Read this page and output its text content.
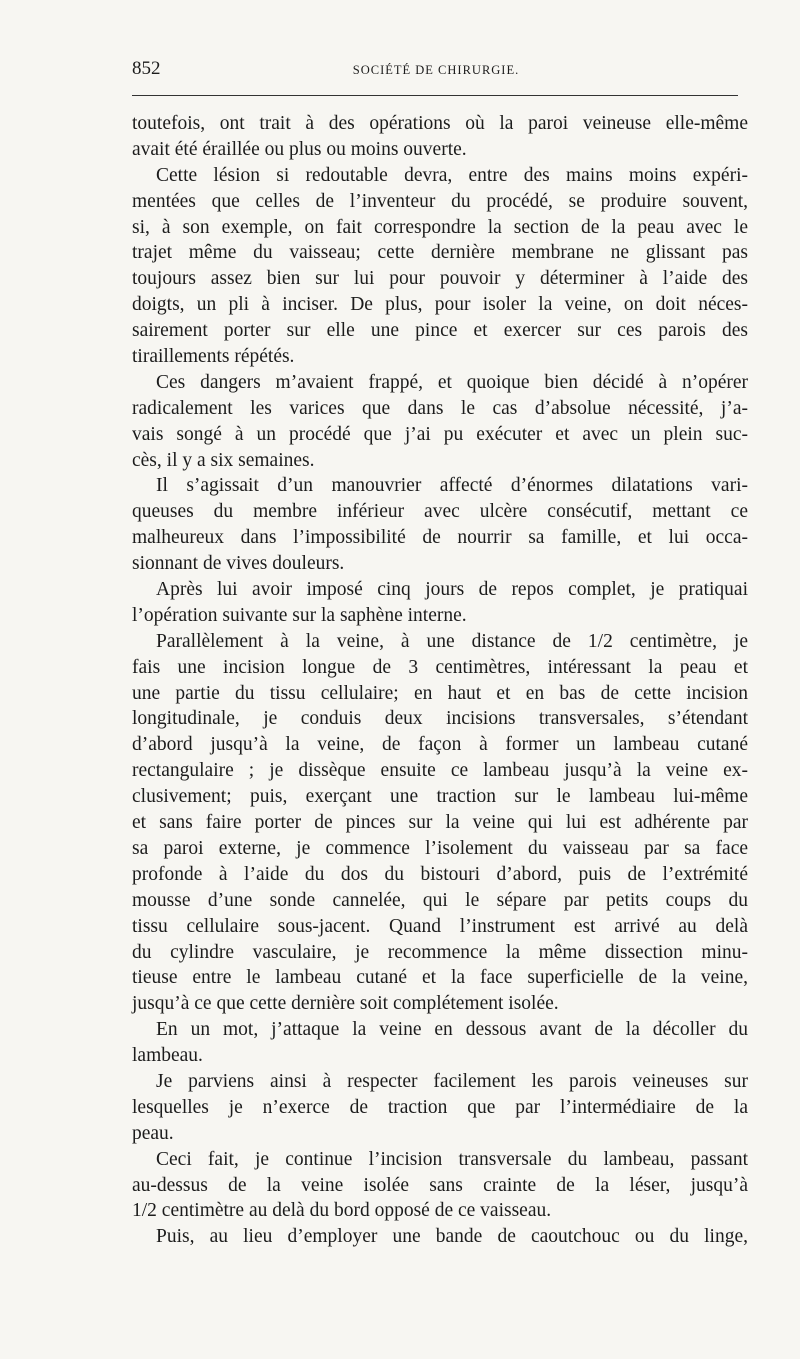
852	SOCIÉTÉ DE CHIRURGIE.
toutefois, ont trait à des opérations où la paroi veineuse elle-même
avait été éraillée ou plus ou moins ouverte.
Cette lésion si redoutable devra, entre des mains moins expéri-
mentées que celles de l’inventeur du procédé, se produire souvent,
si, à son exemple, on fait correspondre la section de la peau avec le
trajet même du vaisseau; cette dernière membrane ne glissant pas
toujours assez bien sur lui pour pouvoir y déterminer à l’aide des
doigts, un pli à inciser. De plus, pour isoler la veine, on doit néces-
sairement porter sur elle une pince et exercer sur ces parois des
tiraillements répétés.
Ces dangers m’avaient frappé, et quoique bien décidé à n’opérer
radicalement les varices que dans le cas d’absolue nécessité, j’a-
vais songé à un procédé que j’ai pu exécuter et avec un plein suc-
cès, il y a six semaines.
Il s’agissait d’un manouvrier affecté d’énormes dilatations vari-
queuses du membre inférieur avec ulcère consécutif, mettant ce
malheureux dans l’impossibilité de nourrir sa famille, et lui occa-
sionnant de vives douleurs.
Après lui avoir imposé cinq jours de repos complet, je pratiquai
l’opération suivante sur la saphène interne.
Parallèlement à la veine, à une distance de 1/2 centimètre, je
fais une incision longue de 3 centimètres, intéressant la peau et
une partie du tissu cellulaire; en haut et en bas de cette incision
longitudinale, je conduis deux incisions transversales, s’étendant
d’abord jusqu’à la veine, de façon à former un lambeau cutané
rectangulaire ; je dissèque ensuite ce lambeau jusqu’à la veine ex-
clusivement; puis, exerçant une traction sur le lambeau lui-même
et sans faire porter de pinces sur la veine qui lui est adhérente par
sa paroi externe, je commence l’isolement du vaisseau par sa face
profonde à l’aide du dos du bistouri d’abord, puis de l’extrémité
mousse d’une sonde cannelée, qui le sépare par petits coups du
tissu cellulaire sous-jacent. Quand l’instrument est arrivé au delà
du cylindre vasculaire, je recommence la même dissection minu-
tieuse entre le lambeau cutané et la face superficielle de la veine,
jusqu’à ce que cette dernière soit complétement isolée.
En un mot, j’attaque la veine en dessous avant de la décoller du
lambeau.
Je parviens ainsi à respecter facilement les parois veineuses sur
lesquelles je n’exerce de traction que par l’intermédiaire de la
peau.
Ceci fait, je continue l’incision transversale du lambeau, passant
au-dessus de la veine isolée sans crainte de la léser, jusqu’à
1/2 centimètre au delà du bord opposé de ce vaisseau.
Puis, au lieu d’employer une bande de caoutchouc ou du linge,
